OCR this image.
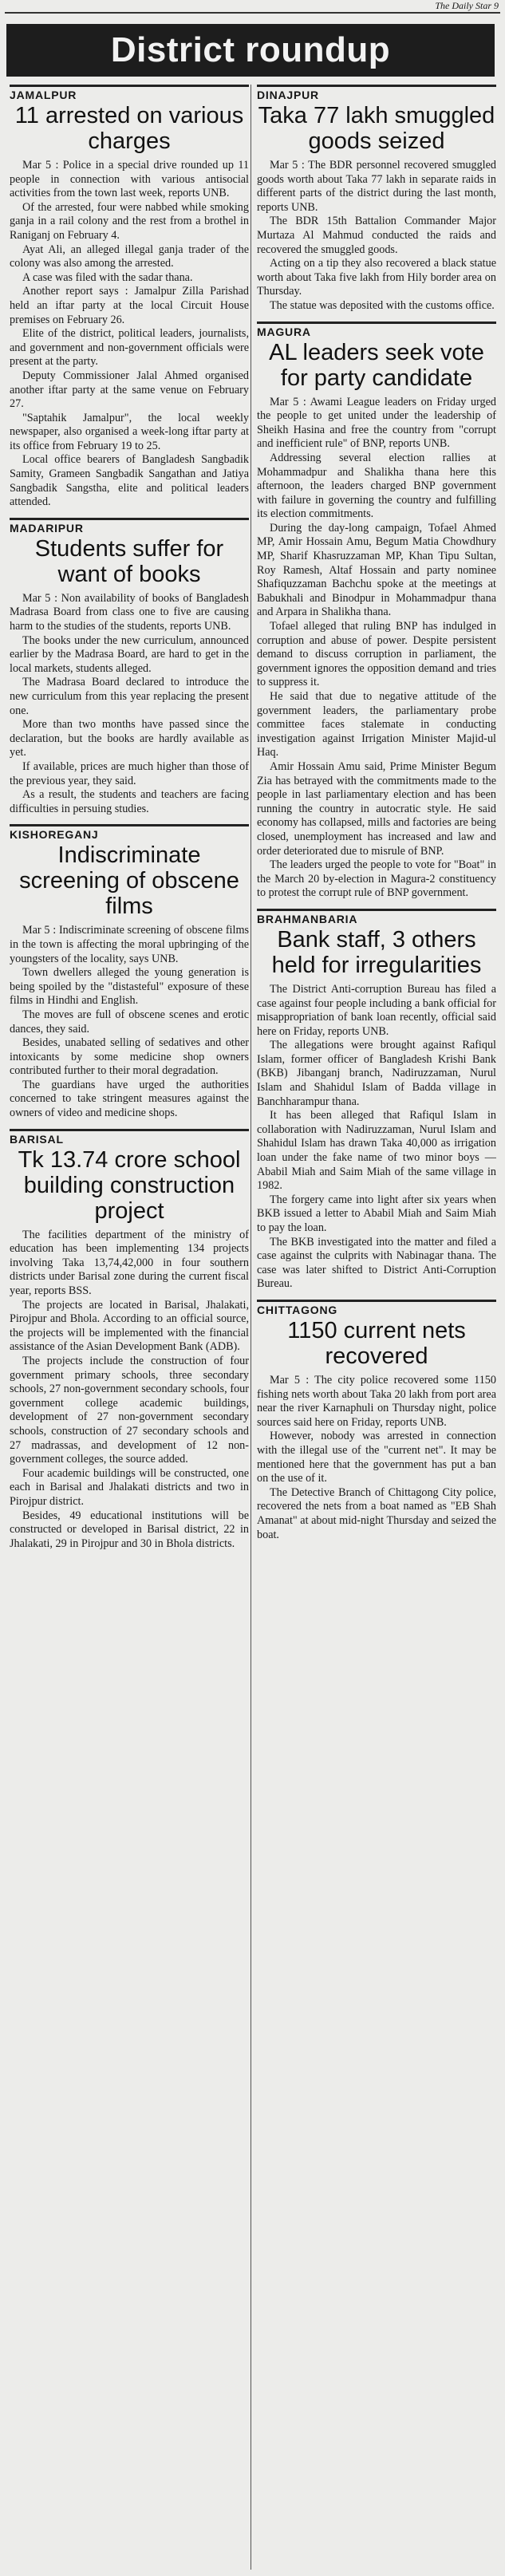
The Daily Star 9
District roundup
JAMALPUR
11 arrested on various charges

Mar 5 : Police in a special drive rounded up 11 people in connection with various antisocial activities from the town last week, reports UNB.

Of the arrested, four were nabbed while smoking ganja in a rail colony and the rest from a brothel in Raniganj on February 4.

Ayat Ali, an alleged illegal ganja trader of the colony was also among the arrested.

A case was filed with the sadar thana.

Another report says : Jamalpur Zilla Parishad held an iftar party at the local Circuit House premises on February 26.

Elite of the district, political leaders, journalists, and government and non-government officials were present at the party.

Deputy Commissioner Jalal Ahmed organised another iftar party at the same venue on February 27.

"Saptahik Jamalpur", the local weekly newspaper, also organised a week-long iftar party at its office from February 19 to 25.

Local office bearers of Bangladesh Sangbadik Samity, Grameen Sangbadik Sangathan and Jatiya Sangbadik Sangstha, elite and political leaders attended.

MADARIPUR
Students suffer for want of books

Mar 5 : Non availability of books of Bangladesh Madrasa Board from class one to five are causing harm to the studies of the students, reports UNB.

The books under the new curriculum, announced earlier by the Madrasa Board, are hard to get in the local markets, students alleged.

The Madrasa Board declared to introduce the new curriculum from this year replacing the present one.

More than two months have passed since the declaration, but the books are hardly available as yet.

If available, prices are much higher than those of the previous year, they said.

As a result, the students and teachers are facing difficulties in persuing studies.

KISHOREGANJ
Indiscriminate screening of obscene films

Mar 5 : Indiscriminate screening of obscene films in the town is affecting the moral upbringing of the youngsters of the locality, says UNB.

Town dwellers alleged the young generation is being spoiled by the "distasteful" exposure of these films in Hindhi and English.

The moves are full of obscene scenes and erotic dances, they said.

Besides, unabated selling of sedatives and other intoxicants by some medicine shop owners contributed further to their moral degradation.

The guardians have urged the authorities concerned to take stringent measures against the owners of video and medicine shops.

BARISAL
Tk 13.74 crore school building construction project

The facilities department of the ministry of education has been implementing 134 projects involving Taka 13,74,42,000 in four southern districts under Barisal zone during the current fiscal year, reports BSS.

The projects are located in Barisal, Jhalakati, Pirojpur and Bhola. According to an official source, the projects will be implemented with the financial assistance of the Asian Development Bank (ADB).

The projects include the construction of four government primary schools, three secondary schools, 27 non-government secondary schools, four government college academic buildings, development of 27 non-government secondary schools, construction of 27 secondary schools and 27 madrassas, and development of 12 non-government colleges, the source added.

Four academic buildings will be constructed, one each in Barisal and Jhalakati districts and two in Pirojpur district.

Besides, 49 educational institutions will be constructed or developed in Barisal district, 22 in Jhalakati, 29 in Pirojpur and 30 in Bhola districts.

DINAJPUR
Taka 77 lakh smuggled goods seized

Mar 5 : The BDR personnel recovered smuggled goods worth about Taka 77 lakh in separate raids in different parts of the district during the last month, reports UNB.

The BDR 15th Battalion Commander Major Murtaza Al Mahmud conducted the raids and recovered the smuggled goods.

Acting on a tip they also recovered a black statue worth about Taka five lakh from Hily border area on Thursday.

The statue was deposited with the customs office.

MAGURA
AL leaders seek vote for party candidate

Mar 5 : Awami League leaders on Friday urged the people to get united under the leadership of Sheikh Hasina and free the country from "corrupt and inefficient rule" of BNP, reports UNB.

Addressing several election rallies at Mohammadpur and Shalikha thana here this afternoon, the leaders charged BNP government with failure in governing the country and fulfilling its election commitments.

During the day-long campaign, Tofael Ahmed MP, Amir Hossain Amu, Begum Matia Chowdhury MP, Sharif Khasruzzaman MP, Khan Tipu Sultan, Roy Ramesh, Altaf Hossain and party nominee Shafiquzzaman Bachchu spoke at the meetings at Babukhali and Binodpur in Mohammadpur thana and Arpara in Shalikha thana.

Tofael alleged that ruling BNP has indulged in corruption and abuse of power. Despite persistent demand to discuss corruption in parliament, the government ignores the opposition demand and tries to suppress it.

He said that due to negative attitude of the government leaders, the parliamentary probe committee faces stalemate in conducting investigation against Irrigation Minister Majid-ul Haq.

Amir Hossain Amu said, Prime Minister Begum Zia has betrayed with the commitments made to the people in last parliamentary election and has been running the country in autocratic style. He said economy has collapsed, mills and factories are being closed, unemployment has increased and law and order deteriorated due to misrule of BNP.

The leaders urged the people to vote for "Boat" in the March 20 by-election in Magura-2 constituency to protest the corrupt rule of BNP government.

BRAHMANBARIA
Bank staff, 3 others held for irregularities

The District Anti-corruption Bureau has filed a case against four people including a bank official for misappropriation of bank loan recently, official said here on Friday, reports UNB.

The allegations were brought against Rafiqul Islam, former officer of Bangladesh Krishi Bank (BKB) Jibanganj branch, Nadiruzzaman, Nurul Islam and Shahidul Islam of Badda village in Banchharampur thana.

It has been alleged that Rafiqul Islam in collaboration with Nadiruzzaman, Nurul Islam and Shahidul Islam has drawn Taka 40,000 as irrigation loan under the fake name of two minor boys — Ababil Miah and Saim Miah of the same village in 1982.

The forgery came into light after six years when BKB issued a letter to Ababil Miah and Saim Miah to pay the loan.

The BKB investigated into the matter and filed a case against the culprits with Nabinagar thana. The case was later shifted to District Anti-Corruption Bureau.

CHITTAGONG
1150 current nets recovered

Mar 5 : The city police recovered some 1150 fishing nets worth about Taka 20 lakh from port area near the river Karnaphuli on Thursday night, police sources said here on Friday, reports UNB.

However, nobody was arrested in connection with the illegal use of the "current net". It may be mentioned here that the government has put a ban on the use of it.

The Detective Branch of Chittagong City police, recovered the nets from a boat named as "EB Shah Amanat" at about mid-night Thursday and seized the boat.
